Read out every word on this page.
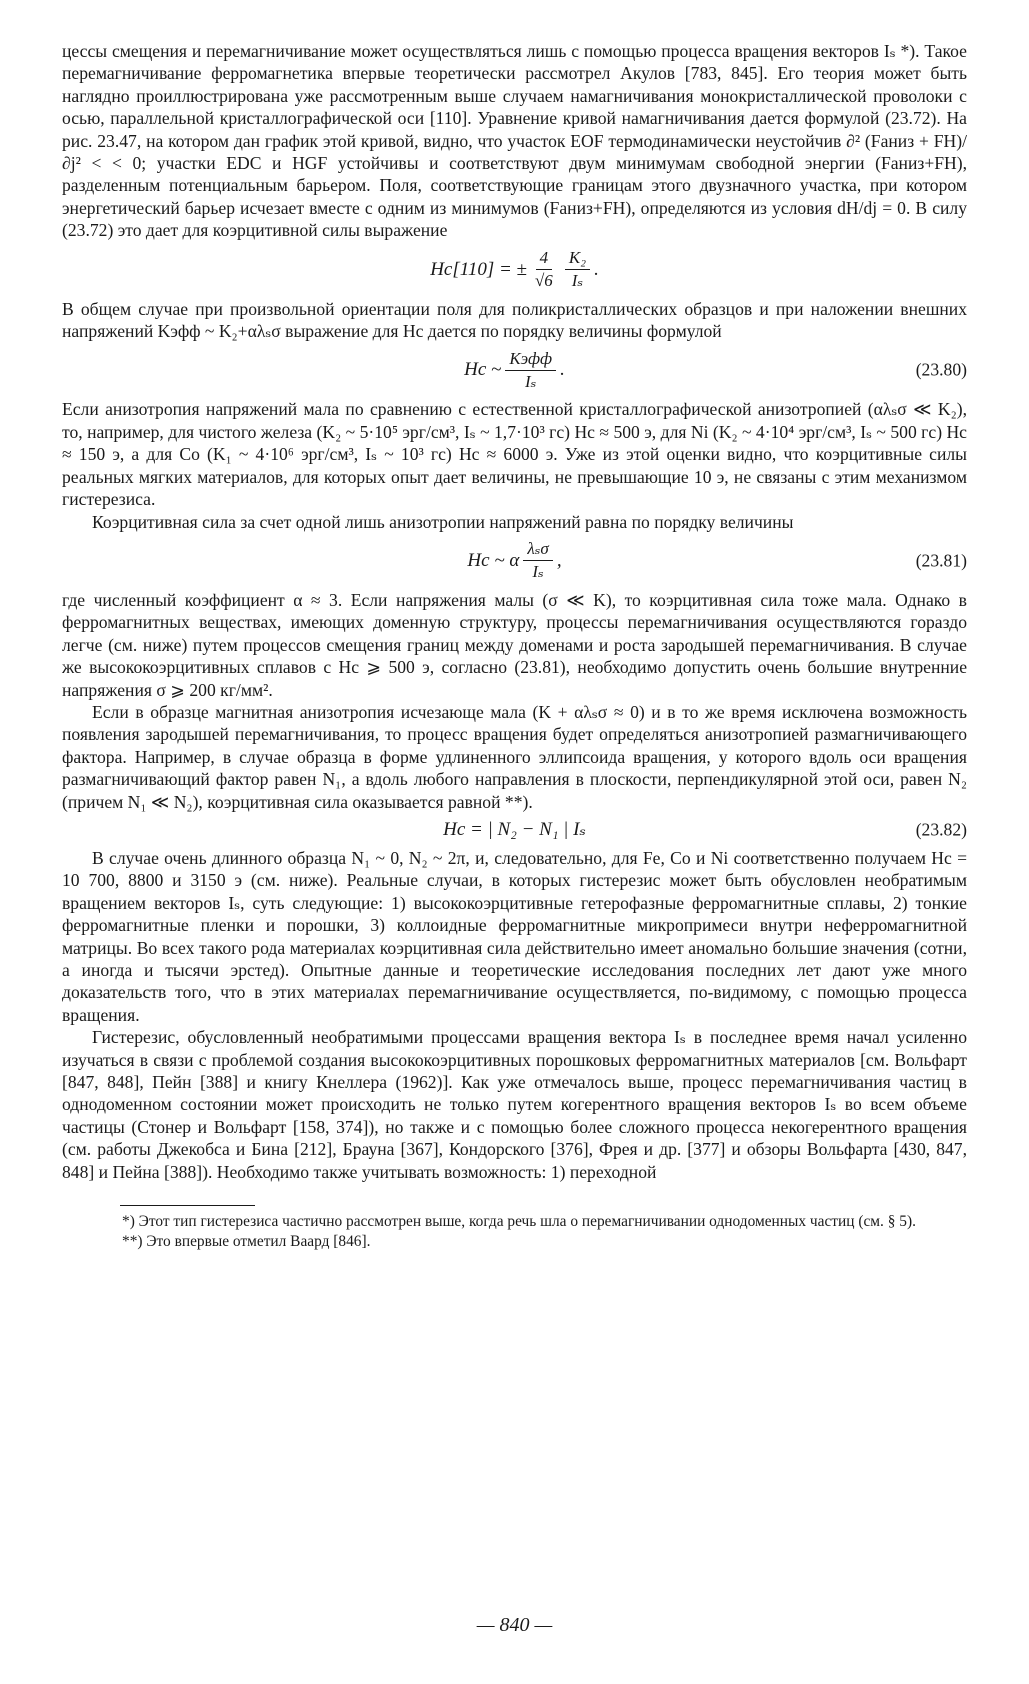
цессы смещения и перемагничивание может осуществляться лишь с помощью процесса вращения векторов Iₛ *). Такое перемагничивание ферромагнетика впервые теоретически рассмотрел Акулов [783, 845]. Его теория может быть наглядно проиллюстрирована уже рассмотренным выше случаем намагничивания монокристаллической проволоки с осью, параллельной кристаллографической оси [110]. Уравнение кривой намагничивания дается формулой (23.72). На рис. 23.47, на котором дан график этой кривой, видно, что участок EOF термодинамически неустойчив ∂² (Fаниз + FH)/∂j² < < 0; участки EDC и HGF устойчивы и соответствуют двум минимумам свободной энергии (Fаниз+FH), разделенным потенциальным барьером. Поля, соответствующие границам этого двузначного участка, при котором энергетический барьер исчезает вместе с одним из минимумов (Fаниз+FH), определяются из условия dH/dj = 0. В силу (23.72) это дает для коэрцитивной силы выражение

Hc[110] = ± $\frac{4}{√6} \frac{\text{K₂}}{\text{Iₛ}}$ .

В общем случае при произвольной ориентации поля для поликристаллических образцов и при наложении внешних напряжений Kэфф ~ K₂+αλₛσ выражение для Hc дается по порядку величины формулой

Hc ~ $\frac{\text{Kэфф}}{\text{Iₛ}}$ .	(23.80)

Если анизотропия напряжений мала по сравнению с естественной кристаллографической анизотропией (αλₛσ ≪ K₂), то, например, для чистого железа (K₂ ~ 5·10⁵ эрг/см³, Iₛ ~ 1,7·10³ гс) Hc ≈ 500 э, для Ni (K₂ ~ 4·10⁴ эрг/см³, Iₛ ~ 500 гс) Hc ≈ 150 э, а для Co (K₁ ~ 4·10⁶ эрг/см³, Iₛ ~ 10³ гс) Hc ≈ 6000 э. Уже из этой оценки видно, что коэрцитивные силы реальных мягких материалов, для которых опыт дает величины, не превышающие 10 э, не связаны с этим механизмом гистерезиса.

Коэрцитивная сила за счет одной лишь анизотропии напряжений равна по порядку величины

Hc ~ α $\frac{\text{λₛσ}}{\text{Iₛ}}$ ,	(23.81)

где численный коэффициент α ≈ 3. Если напряжения малы (σ ≪ K), то коэрцитивная сила тоже мала. Однако в ферромагнитных веществах, имеющих доменную структуру, процессы перемагничивания осуществляются гораздо легче (см. ниже) путем процессов смещения границ между доменами и роста зародышей перемагничивания. В случае же высококоэрцитивных сплавов с Hc ⩾ 500 э, согласно (23.81), необходимо допустить очень большие внутренние напряжения σ ⩾ 200 кг/мм².

Если в образце магнитная анизотропия исчезающе мала (K + αλₛσ ≈ 0) и в то же время исключена возможность появления зародышей перемагничивания, то процесс вращения будет определяться анизотропией размагничивающего фактора. Например, в случае образца в форме удлиненного эллипсоида вращения, у которого вдоль оси вращения размагничивающий фактор равен N₁, а вдоль любого направления в плоскости, перпендикулярной этой оси, равен N₂ (причем N₁ ≪ N₂), коэрцитивная сила оказывается равной **).

Hc = | N₂ − N₁ | Iₛ	(23.82)

В случае очень длинного образца N₁ ~ 0, N₂ ~ 2π, и, следовательно, для Fe, Co и Ni соответственно получаем Hc = 10 700, 8800 и 3150 э (см. ниже). Реальные случаи, в которых гистерезис может быть обусловлен необратимым вращением векторов Iₛ, суть следующие: 1) высококоэрцитивные гетерофазные ферромагнитные сплавы, 2) тонкие ферромагнитные пленки и порошки, 3) коллоидные ферромагнитные микропримеси внутри неферромагнитной матрицы. Во всех такого рода материалах коэрцитивная сила действительно имеет аномально большие значения (сотни, а иногда и тысячи эрстед). Опытные данные и теоретические исследования последних лет дают уже много доказательств того, что в этих материалах перемагничивание осуществляется, по-видимому, с помощью процесса вращения.

Гистерезис, обусловленный необратимыми процессами вращения вектора Iₛ в последнее время начал усиленно изучаться в связи с проблемой создания высококоэрцитивных порошковых ферромагнитных материалов [см. Вольфарт [847, 848], Пейн [388] и книгу Кнеллера (1962)]. Как уже отмечалось выше, процесс перемагничивания частиц в однодоменном состоянии может происходить не только путем когерентного вращения векторов Iₛ во всем объеме частицы (Стонер и Вольфарт [158, 374]), но также и с помощью более сложного процесса некогерентного вращения (см. работы Джекобса и Бина [212], Брауна [367], Кондорского [376], Фрея и др. [377] и обзоры Вольфарта [430, 847, 848] и Пейна [388]). Необходимо также учитывать возможность: 1) переходной

*) Этот тип гистерезиса частично рассмотрен выше, когда речь шла о перемагничивании однодоменных частиц (см. § 5).

**) Это впервые отметил Ваард [846].

— 840 —
